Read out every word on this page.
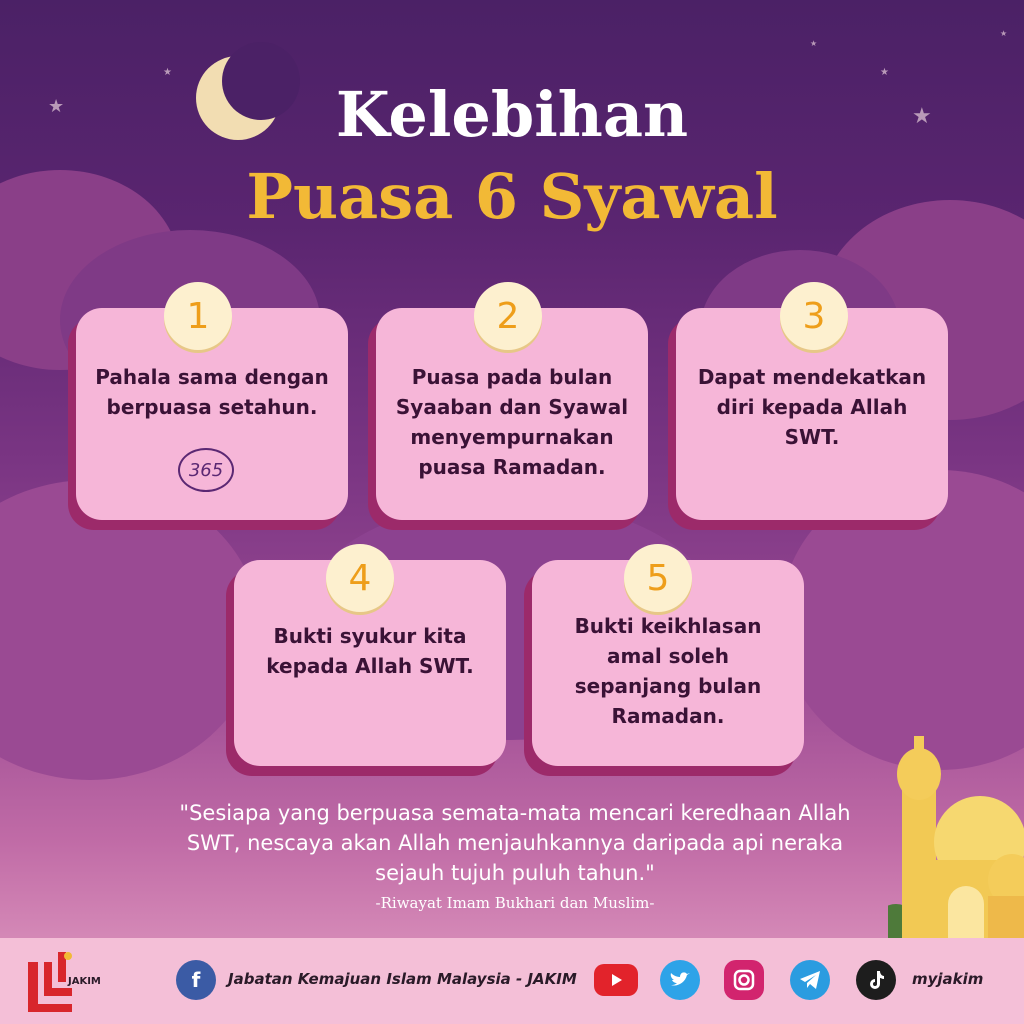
★
★
★
★
★
★
Kelebihan
Puasa 6 Syawal
Pahala sama dengan berpuasa setahun.
1
365
Puasa pada bulan Syaaban dan Syawal menyempurnakan puasa Ramadan.
2
Dapat mendekatkan diri kepada Allah SWT.
3
Bukti syukur kita kepada Allah SWT.
4
Bukti keikhlasan amal soleh sepanjang bulan Ramadan.
5
"Sesiapa yang berpuasa semata-mata mencari keredhaan Allah SWT, nescaya akan Allah menjauhkannya daripada api neraka sejauh tujuh puluh tahun."
-Riwayat Imam Bukhari dan Muslim-
JAKIM	f	Jabatan Kemajuan Islam Malaysia - JAKIM	myjakim
